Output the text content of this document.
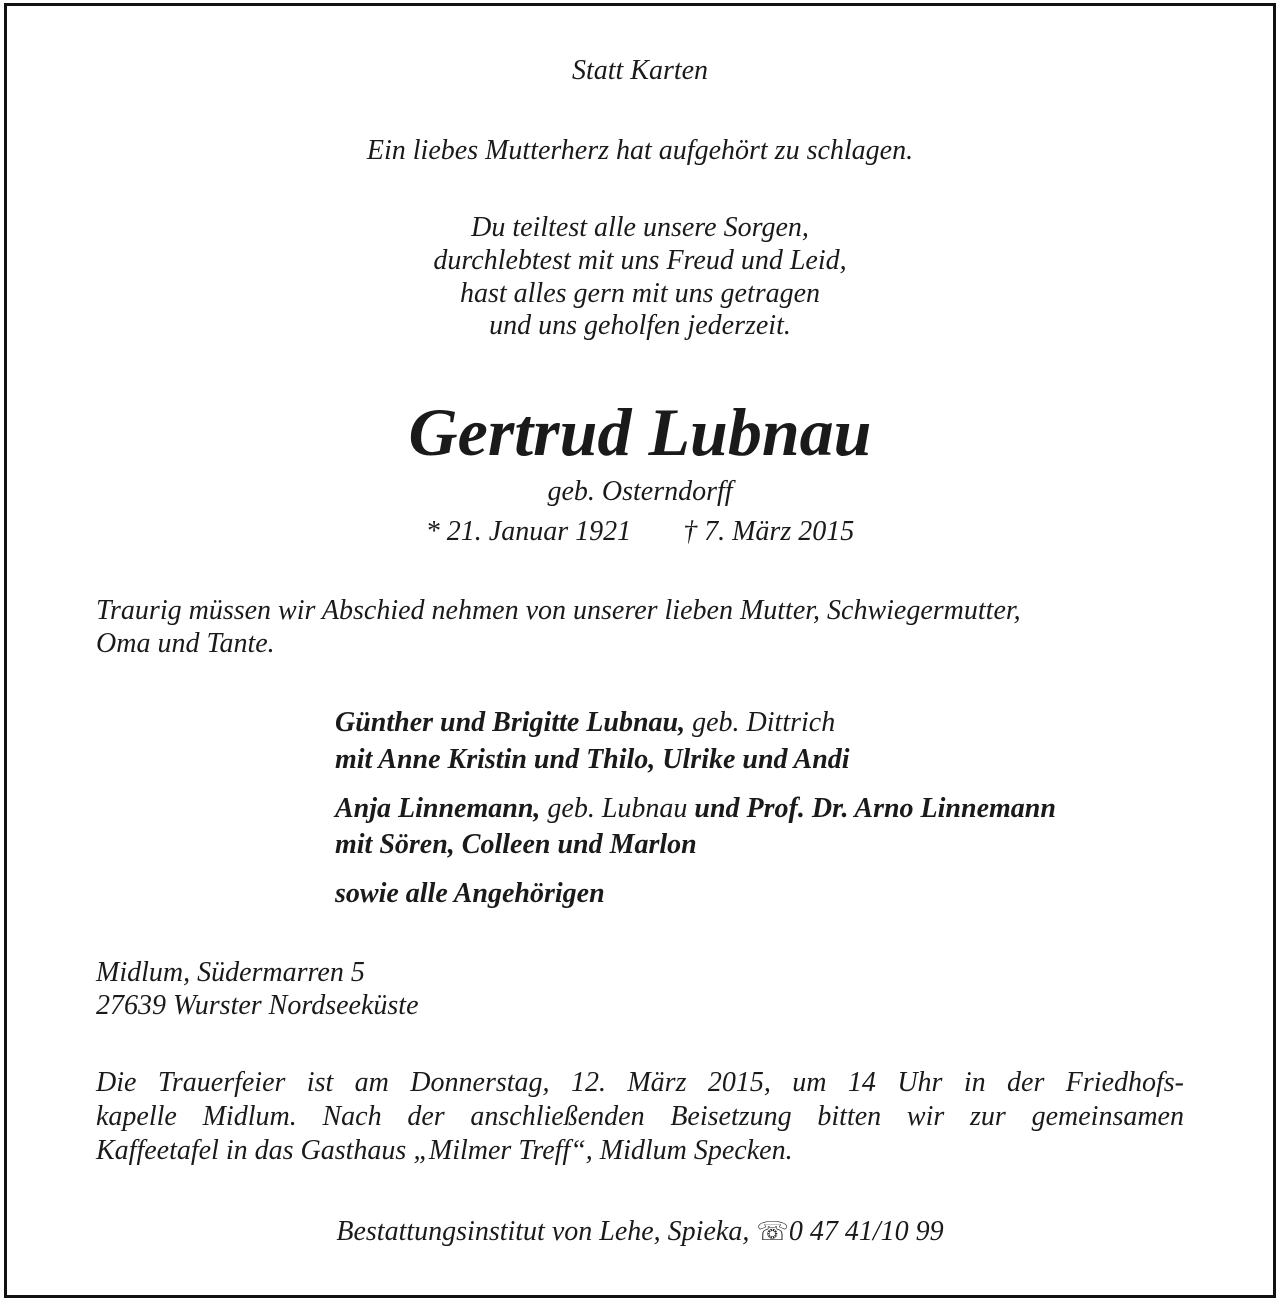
Statt Karten
Ein liebes Mutterherz hat aufgehört zu schlagen.
Du teiltest alle unsere Sorgen,
durchlebtest mit uns Freud und Leid,
hast alles gern mit uns getragen
und uns geholfen jederzeit.
Gertrud Lubnau
geb. Osterndorff
* 21. Januar 1921 † 7. März 2015
Traurig müssen wir Abschied nehmen von unserer lieben Mutter, Schwiegermutter,
Oma und Tante.
Günther und Brigitte Lubnau, geb. Dittrich
mit Anne Kristin und Thilo, Ulrike und Andi
Anja Linnemann, geb. Lubnau und Prof. Dr. Arno Linnemann
mit Sören, Colleen und Marlon
sowie alle Angehörigen
Midlum, Südermarren 5
27639 Wurster Nordseeküste
Die Trauerfeier ist am Donnerstag, 12. März 2015, um 14 Uhr in der Friedhofs-
kapelle Midlum. Nach der anschließenden Beisetzung bitten wir zur gemeinsamen
Kaffeetafel in das Gasthaus „Milmer Treff“, Midlum Specken.
Bestattungsinstitut von Lehe, Spieka, ☏0 47 41/10 99
